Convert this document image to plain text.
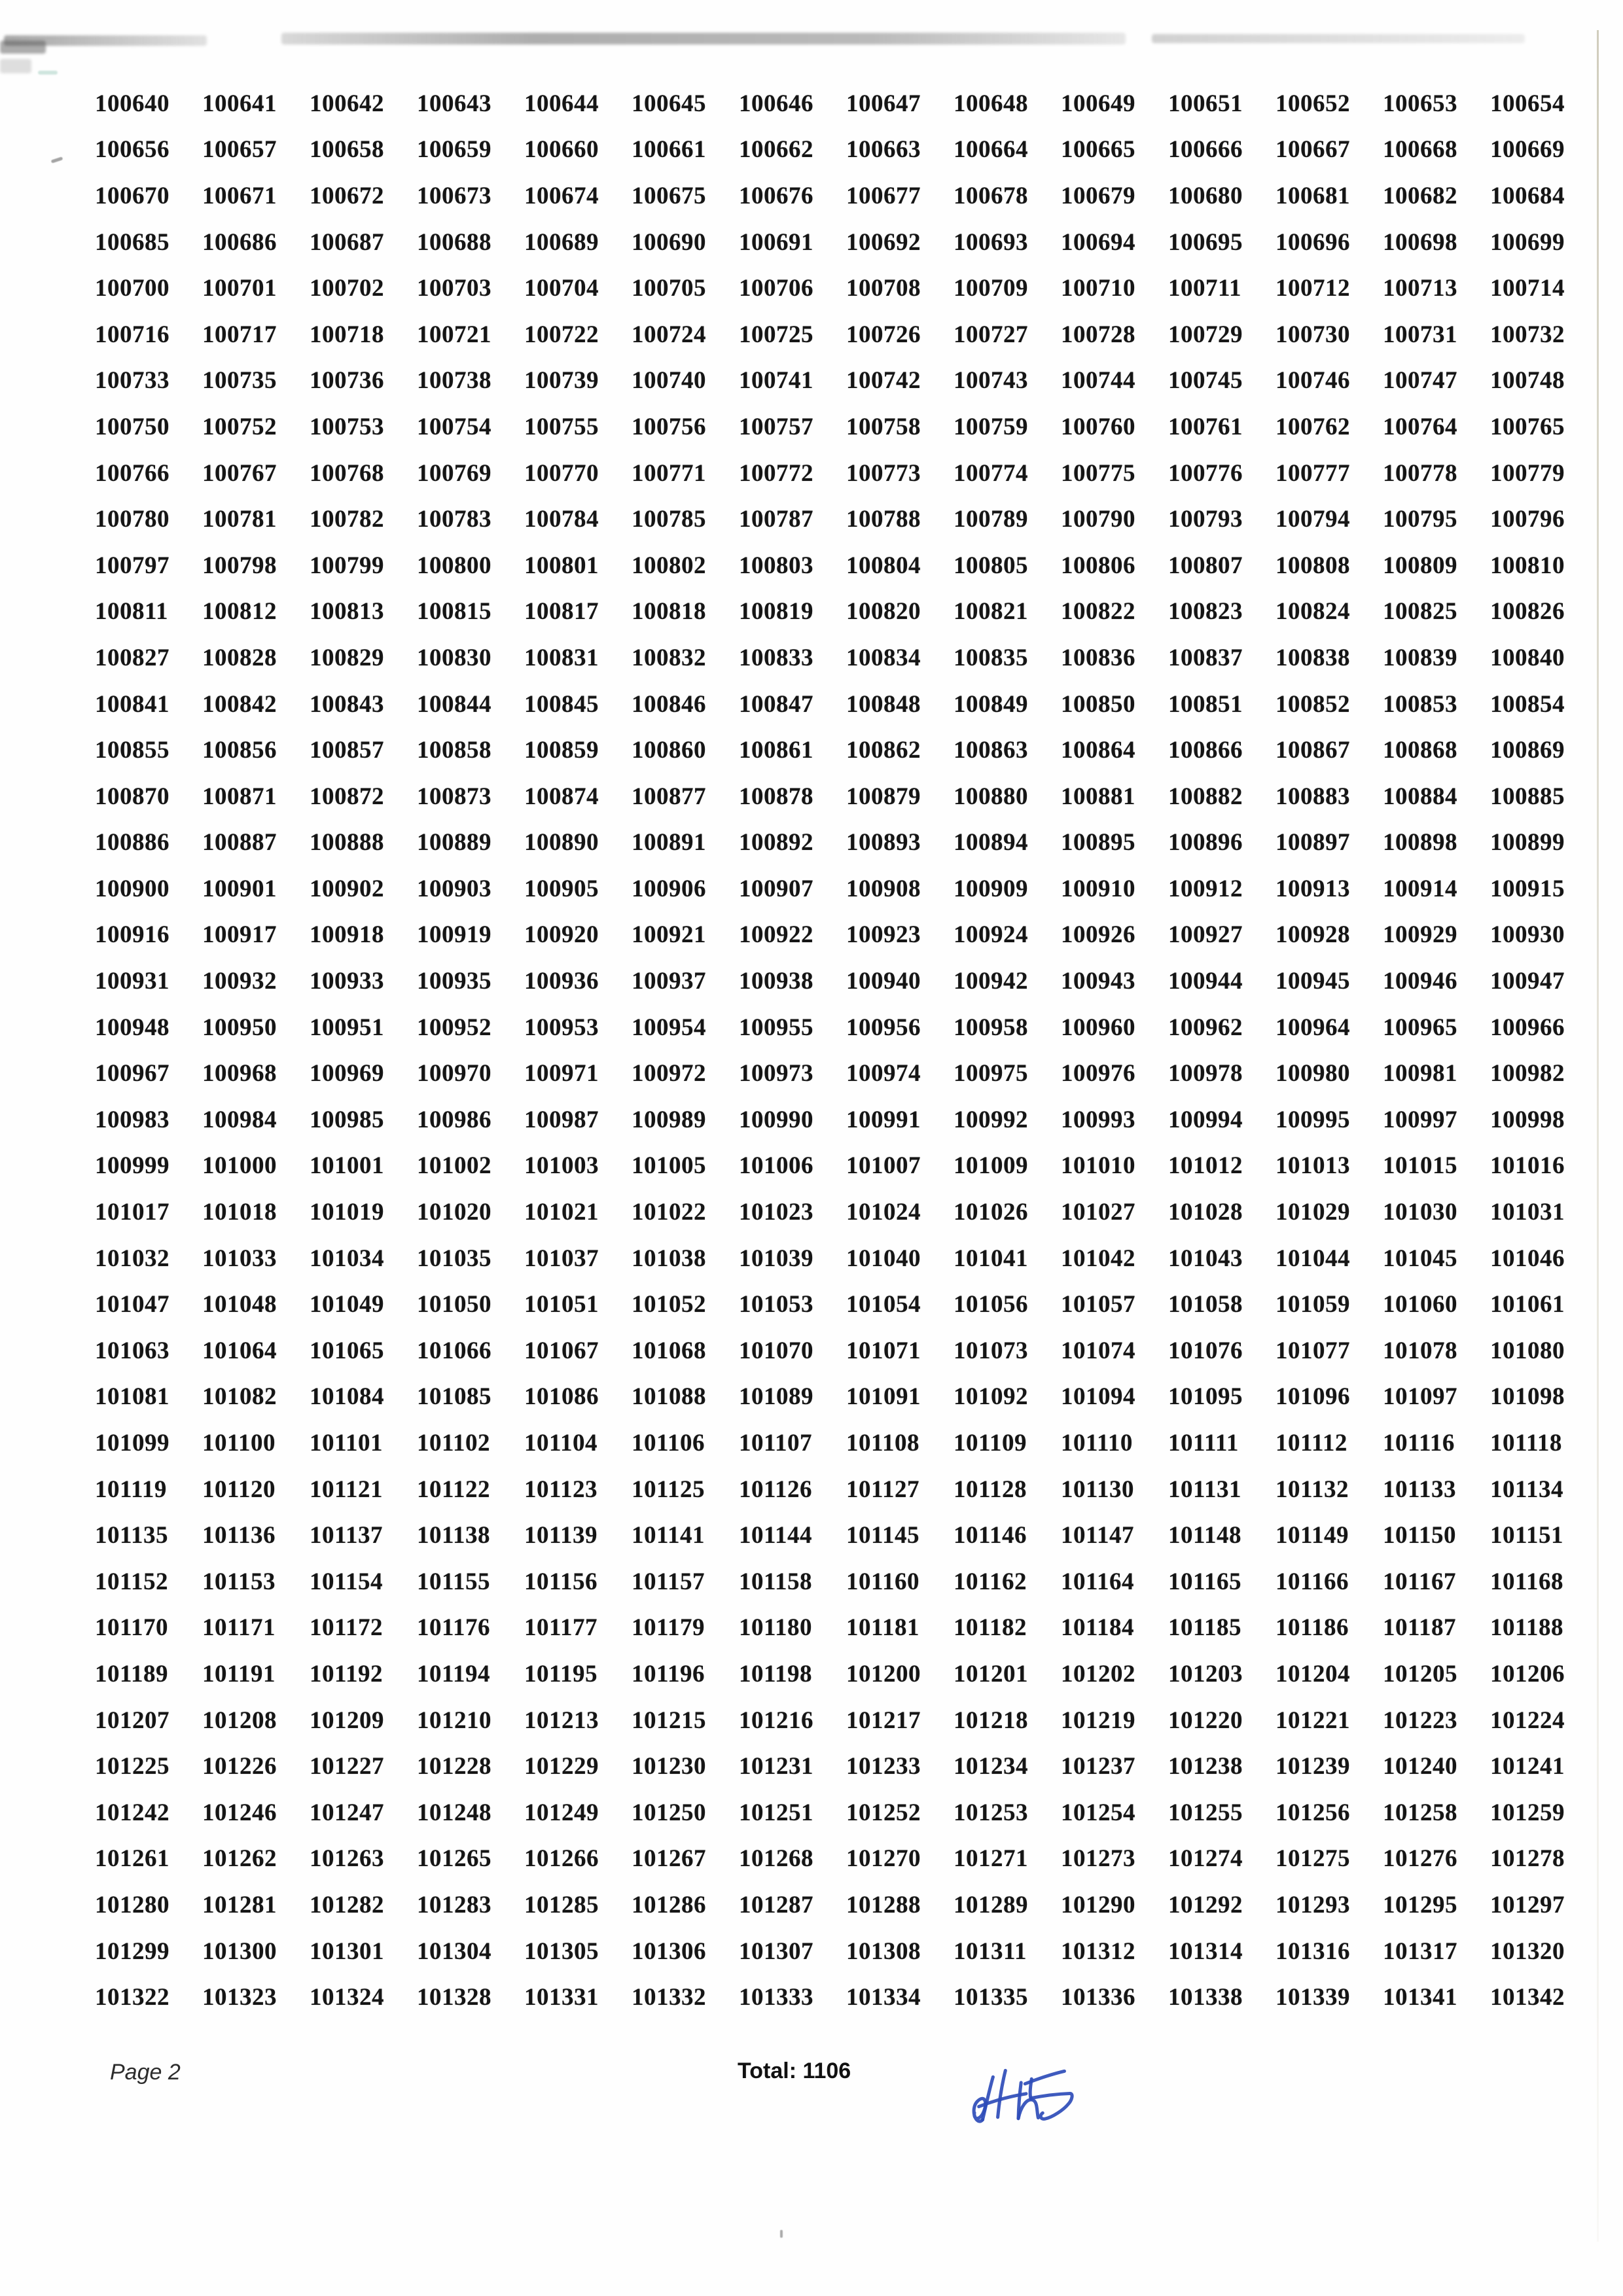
100640 100641 100642 100643 100644 100645 100646 100647 100648 100649 100651 100652 100653 100654
100656 100657 100658 100659 100660 100661 100662 100663 100664 100665 100666 100667 100668 100669
100670 100671 100672 100673 100674 100675 100676 100677 100678 100679 100680 100681 100682 100684
100685 100686 100687 100688 100689 100690 100691 100692 100693 100694 100695 100696 100698 100699
100700 100701 100702 100703 100704 100705 100706 100708 100709 100710 100711 100712 100713 100714
100716 100717 100718 100721 100722 100724 100725 100726 100727 100728 100729 100730 100731 100732
100733 100735 100736 100738 100739 100740 100741 100742 100743 100744 100745 100746 100747 100748
100750 100752 100753 100754 100755 100756 100757 100758 100759 100760 100761 100762 100764 100765
100766 100767 100768 100769 100770 100771 100772 100773 100774 100775 100776 100777 100778 100779
100780 100781 100782 100783 100784 100785 100787 100788 100789 100790 100793 100794 100795 100796
100797 100798 100799 100800 100801 100802 100803 100804 100805 100806 100807 100808 100809 100810
100811 100812 100813 100815 100817 100818 100819 100820 100821 100822 100823 100824 100825 100826
100827 100828 100829 100830 100831 100832 100833 100834 100835 100836 100837 100838 100839 100840
100841 100842 100843 100844 100845 100846 100847 100848 100849 100850 100851 100852 100853 100854
100855 100856 100857 100858 100859 100860 100861 100862 100863 100864 100866 100867 100868 100869
100870 100871 100872 100873 100874 100877 100878 100879 100880 100881 100882 100883 100884 100885
100886 100887 100888 100889 100890 100891 100892 100893 100894 100895 100896 100897 100898 100899
100900 100901 100902 100903 100905 100906 100907 100908 100909 100910 100912 100913 100914 100915
100916 100917 100918 100919 100920 100921 100922 100923 100924 100926 100927 100928 100929 100930
100931 100932 100933 100935 100936 100937 100938 100940 100942 100943 100944 100945 100946 100947
100948 100950 100951 100952 100953 100954 100955 100956 100958 100960 100962 100964 100965 100966
100967 100968 100969 100970 100971 100972 100973 100974 100975 100976 100978 100980 100981 100982
100983 100984 100985 100986 100987 100989 100990 100991 100992 100993 100994 100995 100997 100998
100999 101000 101001 101002 101003 101005 101006 101007 101009 101010 101012 101013 101015 101016
101017 101018 101019 101020 101021 101022 101023 101024 101026 101027 101028 101029 101030 101031
101032 101033 101034 101035 101037 101038 101039 101040 101041 101042 101043 101044 101045 101046
101047 101048 101049 101050 101051 101052 101053 101054 101056 101057 101058 101059 101060 101061
101063 101064 101065 101066 101067 101068 101070 101071 101073 101074 101076 101077 101078 101080
101081 101082 101084 101085 101086 101088 101089 101091 101092 101094 101095 101096 101097 101098
101099 101100 101101 101102 101104 101106 101107 101108 101109 101110 101111 101112 101116 101118
101119 101120 101121 101122 101123 101125 101126 101127 101128 101130 101131 101132 101133 101134
101135 101136 101137 101138 101139 101141 101144 101145 101146 101147 101148 101149 101150 101151
101152 101153 101154 101155 101156 101157 101158 101160 101162 101164 101165 101166 101167 101168
101170 101171 101172 101176 101177 101179 101180 101181 101182 101184 101185 101186 101187 101188
101189 101191 101192 101194 101195 101196 101198 101200 101201 101202 101203 101204 101205 101206
101207 101208 101209 101210 101213 101215 101216 101217 101218 101219 101220 101221 101223 101224
101225 101226 101227 101228 101229 101230 101231 101233 101234 101237 101238 101239 101240 101241
101242 101246 101247 101248 101249 101250 101251 101252 101253 101254 101255 101256 101258 101259
101261 101262 101263 101265 101266 101267 101268 101270 101271 101273 101274 101275 101276 101278
101280 101281 101282 101283 101285 101286 101287 101288 101289 101290 101292 101293 101295 101297
101299 101300 101301 101304 101305 101306 101307 101308 101311 101312 101314 101316 101317 101320
101322 101323 101324 101328 101331 101332 101333 101334 101335 101336 101338 101339 101341 101342
Page 2	Total: 1106
